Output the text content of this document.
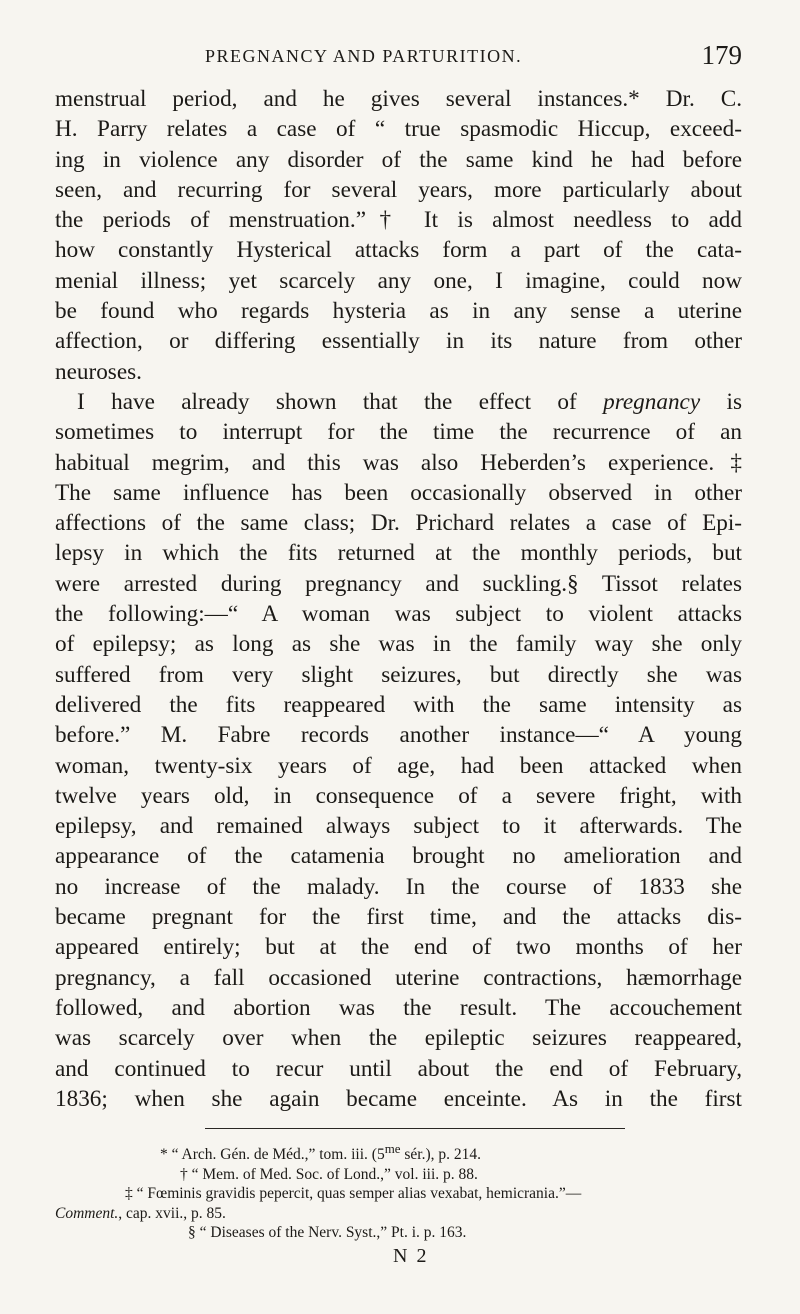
PREGNANCY AND PARTURITION.	179
menstrual period, and he gives several instances.* Dr. C.
H. Parry relates a case of “ true spasmodic Hiccup, exceed-
ing in violence any disorder of the same kind he had before
seen, and recurring for several years, more particularly about
the periods of menstruation.”† It is almost needless to add
how constantly Hysterical attacks form a part of the cata-
menial illness; yet scarcely any one, I imagine, could now
be found who regards hysteria as in any sense a uterine
affection, or differing essentially in its nature from other
neuroses.
I have already shown that the effect of pregnancy is
sometimes to interrupt for the time the recurrence of an
habitual megrim, and this was also Heberden’s experience.‡
The same influence has been occasionally observed in other
affections of the same class; Dr. Prichard relates a case of Epi-
lepsy in which the fits returned at the monthly periods, but
were arrested during pregnancy and suckling.§ Tissot relates
the following:—“ A woman was subject to violent attacks
of epilepsy; as long as she was in the family way she only
suffered from very slight seizures, but directly she was
delivered the fits reappeared with the same intensity as
before.” M. Fabre records another instance—“ A young
woman, twenty-six years of age, had been attacked when
twelve years old, in consequence of a severe fright, with
epilepsy, and remained always subject to it afterwards. The
appearance of the catamenia brought no amelioration and
no increase of the malady. In the course of 1833 she
became pregnant for the first time, and the attacks dis-
appeared entirely; but at the end of two months of her
pregnancy, a fall occasioned uterine contractions, hæmorrhage
followed, and abortion was the result. The accouchement
was scarcely over when the epileptic seizures reappeared,
and continued to recur until about the end of February,
1836; when she again became enceinte. As in the first
* “ Arch. Gén. de Méd.,” tom. iii. ($5^{me}$ sér.), p. 214.
† “ Mem. of Med. Soc. of Lond.,” vol. iii. p. 88.
‡ “ Fœminis gravidis pepercit, quas semper alias vexabat, hemicrania.”—
Comment., cap. xvii., p. 85.
§ “ Diseases of the Nerv. Syst.,” Pt. i. p. 163.
N 2
